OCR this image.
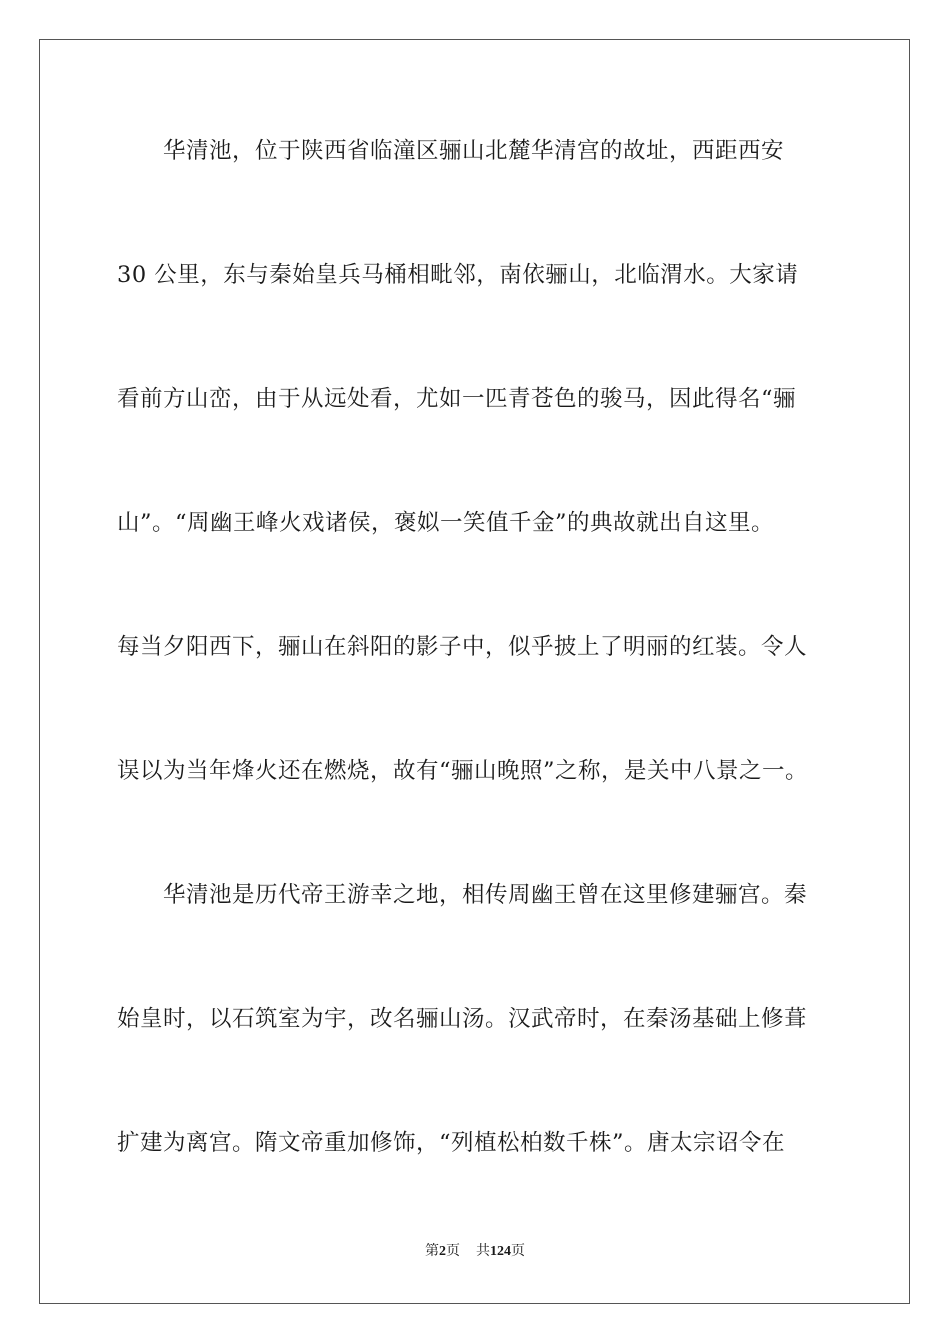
华清池，位于陕西省临潼区骊山北麓华清宫的故址，西距西安
30 公里，东与秦始皇兵马桶相毗邻，南依骊山，北临渭水。大家请
看前方山峦，由于从远处看，尤如一匹青苍色的骏马，因此得名“骊
山”。“周幽王峰火戏诸侯，褒姒一笑值千金”的典故就出自这里。
每当夕阳西下，骊山在斜阳的影子中，似乎披上了明丽的红装。令人
误以为当年烽火还在燃烧，故有“骊山晚照”之称，是关中八景之一。
华清池是历代帝王游幸之地，相传周幽王曾在这里修建骊宫。秦
始皇时，以石筑室为宇，改名骊山汤。汉武帝时，在秦汤基础上修葺
扩建为离宫。隋文帝重加修饰，“列植松柏数千株”。唐太宗诏令在
第2页 共124页
